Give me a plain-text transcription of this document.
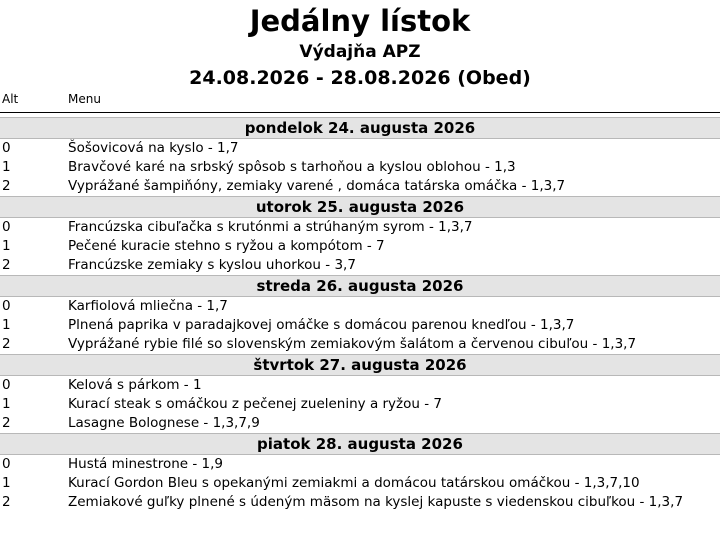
Jedálny lístok
Výdajňa APZ
24.08.2026 - 28.08.2026 (Obed)
Alt	Menu
pondelok 24. augusta 2026
0	Šošovicová na kyslo - 1,7
1	Bravčové karé na srbský spôsob s tarhoňou a kyslou oblohou - 1,3
2	Vyprážané šampiňóny, zemiaky varené , domáca tatárska omáčka - 1,3,7
utorok 25. augusta 2026
0	Francúzska cibuľačka s krutónmi a strúhaným syrom - 1,3,7
1	Pečené kuracie stehno s ryžou a kompótom - 7
2	Francúzske zemiaky s kyslou uhorkou - 3,7
streda 26. augusta 2026
0	Karfiolová mliečna - 1,7
1	Plnená paprika v paradajkovej omáčke s domácou parenou knedľou - 1,3,7
2	Vyprážané rybie filé so slovenským zemiakovým šalátom a červenou cibuľou - 1,3,7
štvrtok 27. augusta 2026
0	Kelová s párkom - 1
1	Kurací steak s omáčkou z pečenej zueleniny a ryžou - 7
2	Lasagne Bolognese - 1,3,7,9
piatok 28. augusta 2026
0	Hustá minestrone - 1,9
1	Kurací Gordon Bleu s opekanými zemiakmi a domácou tatárskou omáčkou - 1,3,7,10
2	Zemiakové guľky plnené s údeným mäsom na kyslej kapuste s viedenskou cibuľkou - 1,3,7
